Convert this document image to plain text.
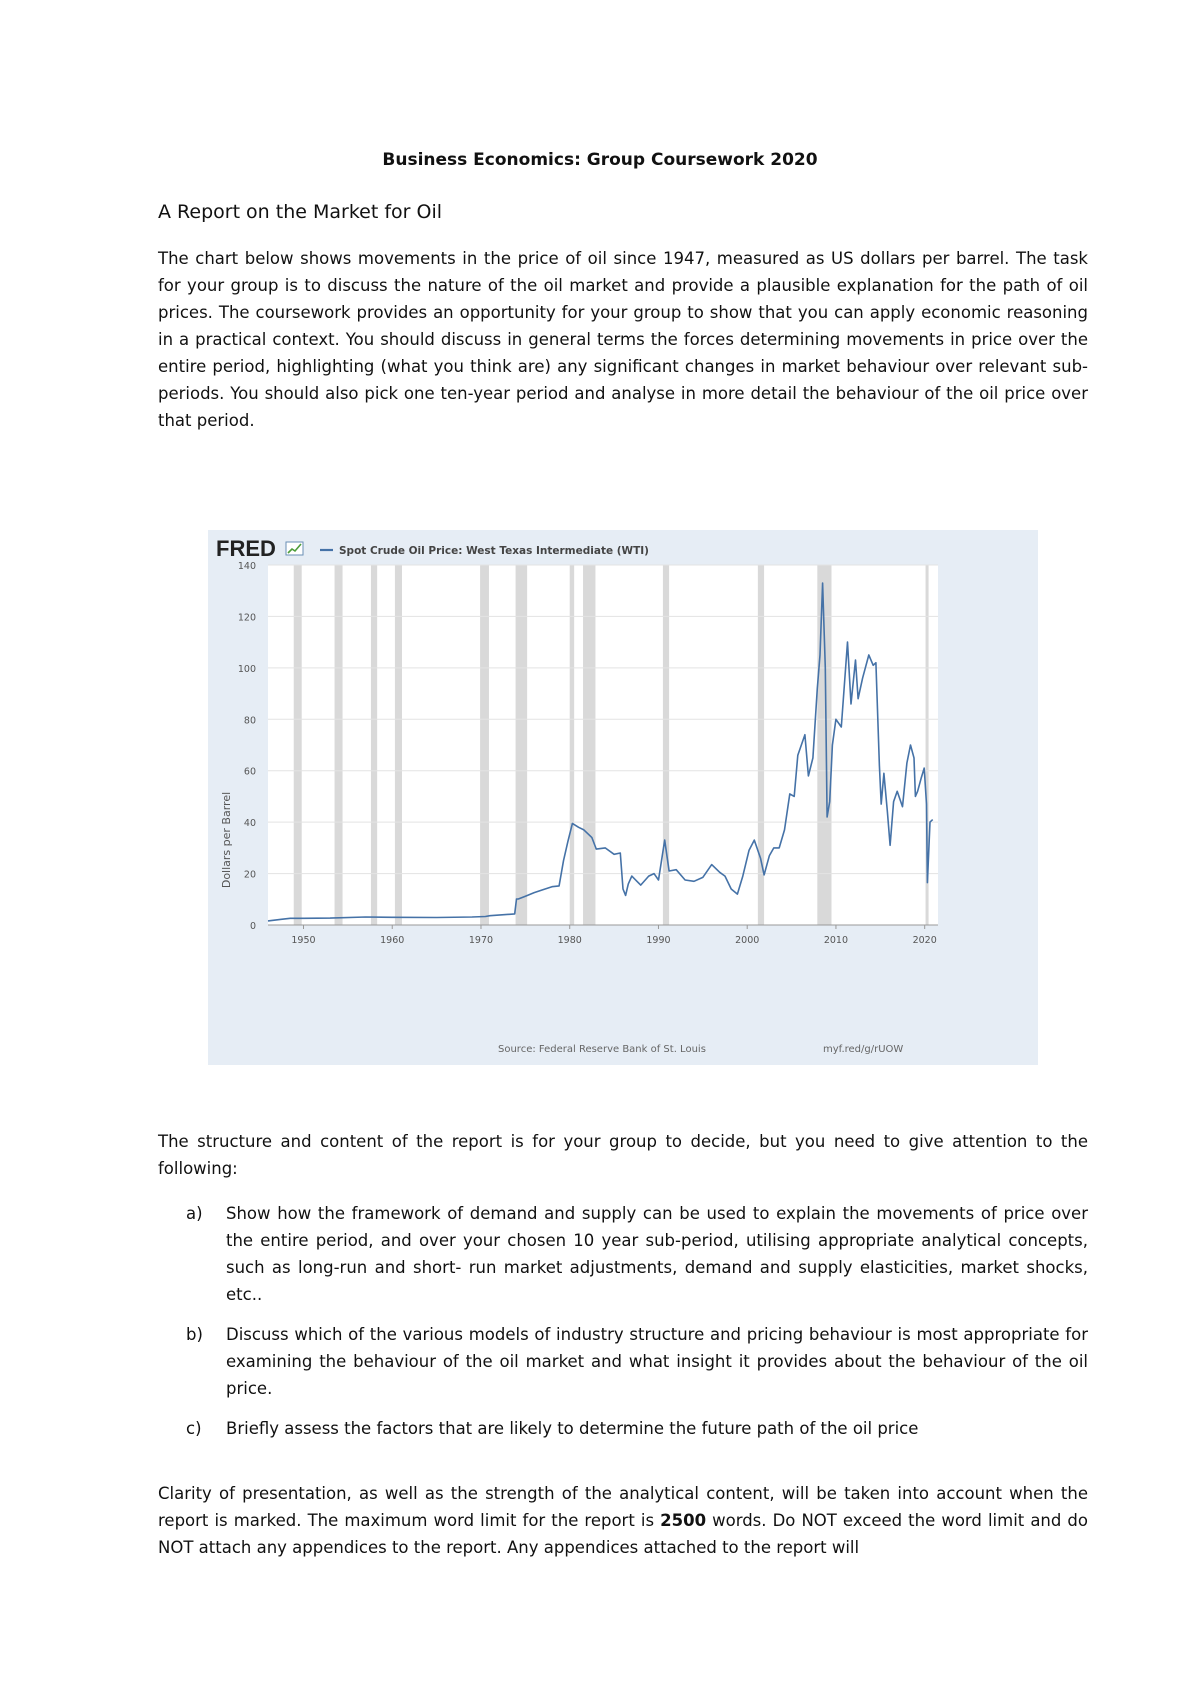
Business Economics: Group Coursework 2020
A Report on the Market for Oil
The chart below shows movements in the price of oil since 1947, measured as US dollars per barrel. The task for your group is to discuss the nature of the oil market and provide a plausible explanation for the path of oil prices. The coursework provides an opportunity for your group to show that you can apply economic reasoning in a practical context. You should discuss in general terms the forces determining movements in price over the entire period, highlighting (what you think are) any significant changes in market behaviour over relevant sub-periods. You should also pick one ten-year period and analyse in more detail the behaviour of the oil price over that period.
0
20
40
60
80
100
120
140
1950	1960	1970	1980	1990	2000	2010	2020
FRED	Spot Crude Oil Price: West Texas Intermediate (WTI)
Dollars per Barrel
Source: Federal Reserve Bank of St. Louis	myf.red/g/rUOW
The structure and content of the report is for your group to decide, but you need to give attention to the following:
a) Show how the framework of demand and supply can be used to explain the movements of price over the entire period, and over your chosen 10 year sub-period, utilising appropriate analytical concepts, such as long-run and short- run market adjustments, demand and supply elasticities, market shocks, etc..
b) Discuss which of the various models of industry structure and pricing behaviour is most appropriate for examining the behaviour of the oil market and what insight it provides about the behaviour of the oil price.
c) Briefly assess the factors that are likely to determine the future path of the oil price
Clarity of presentation, as well as the strength of the analytical content, will be taken into account when the report is marked. The maximum word limit for the report is 2500 words. Do NOT exceed the word limit and do NOT attach any appendices to the report. Any appendices attached to the report will
